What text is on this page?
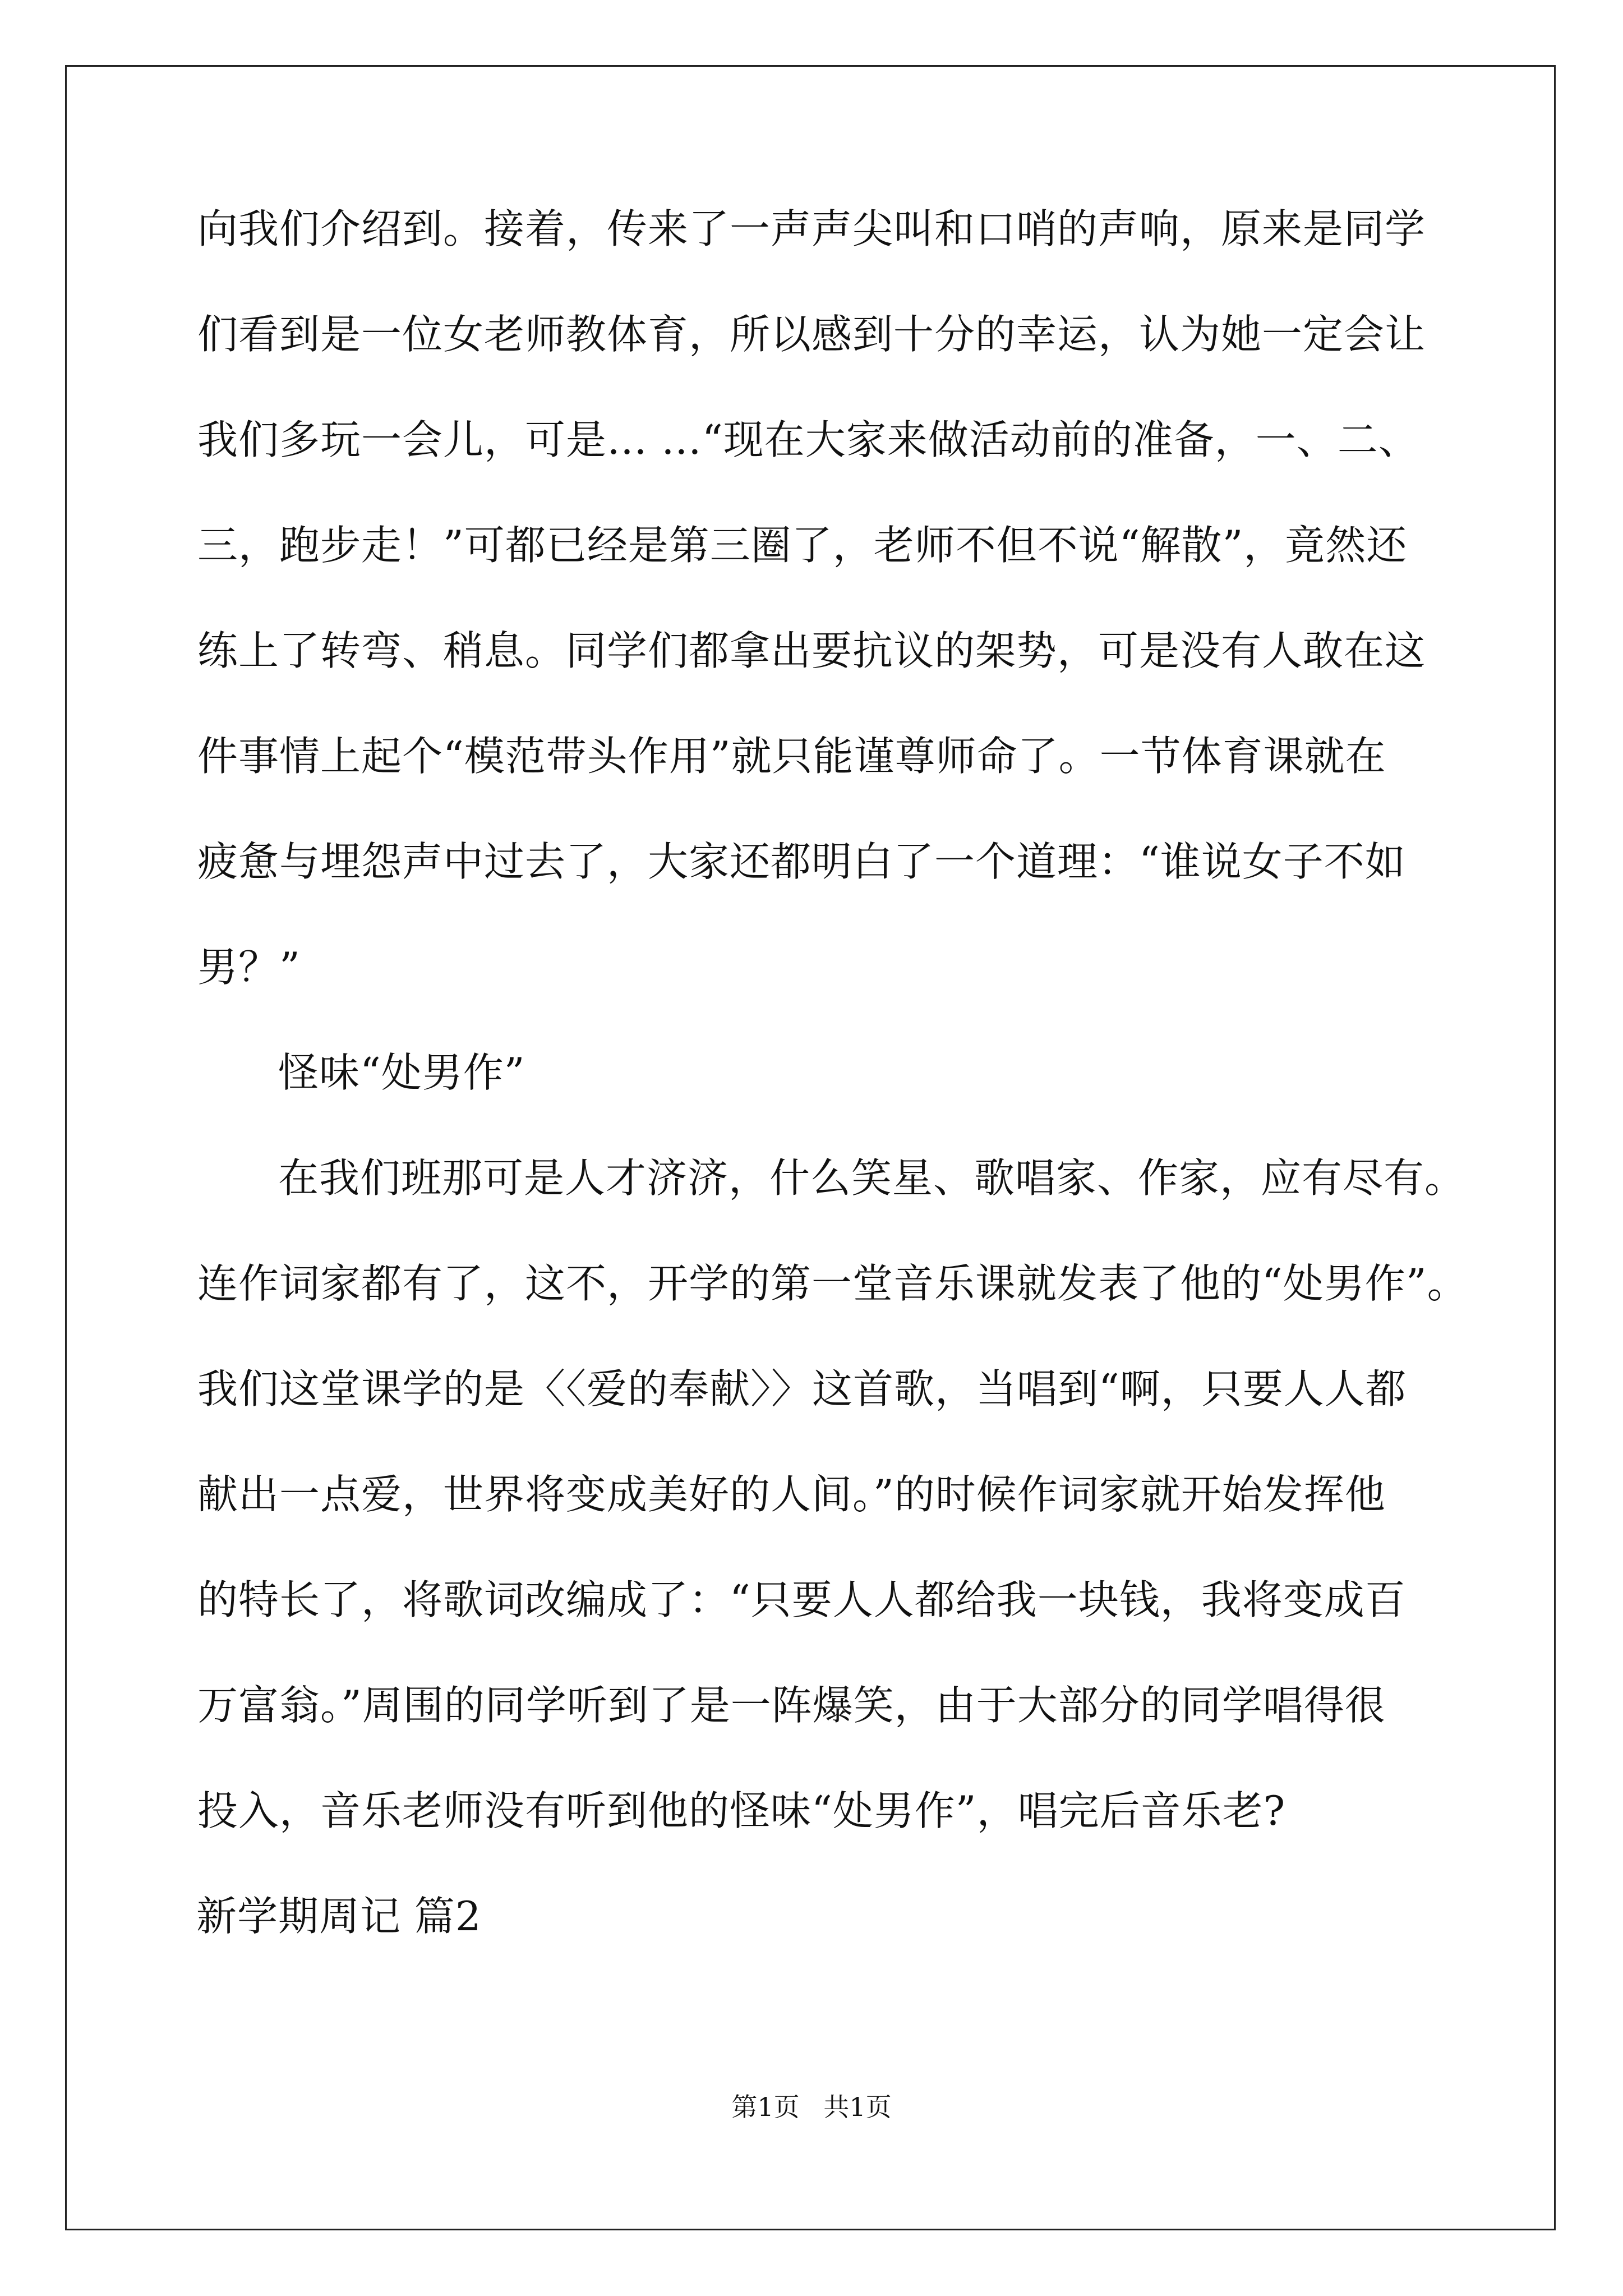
向我们介绍到。接着，传来了一声声尖叫和口哨的声响，原来是同学
们看到是一位女老师教体育，所以感到十分的幸运，认为她一定会让
我们多玩一会儿，可是… …“现在大家来做活动前的准备，一、二、
三，跑步走！”可都已经是第三圈了，老师不但不说“解散”，竟然还
练上了转弯、稍息。同学们都拿出要抗议的架势，可是没有人敢在这
件事情上起个“模范带头作用”就只能谨尊师命了。一节体育课就在
疲惫与埋怨声中过去了，大家还都明白了一个道理：“谁说女子不如
男？”
怪味“处男作”
在我们班那可是人才济济，什么笑星、歌唱家、作家，应有尽有。
连作词家都有了，这不，开学的第一堂音乐课就发表了他的“处男作”。
我们这堂课学的是〈〈爱的奉献〉〉这首歌，当唱到“啊，只要人人都
献出一点爱，世界将变成美好的人间。”的时候作词家就开始发挥他
的特长了，将歌词改编成了：“只要人人都给我一块钱，我将变成百
万富翁。”周围的同学听到了是一阵爆笑，由于大部分的同学唱得很
投入，音乐老师没有听到他的怪味“处男作”，唱完后音乐老?
新学期周记 篇2
第1页 共1页
